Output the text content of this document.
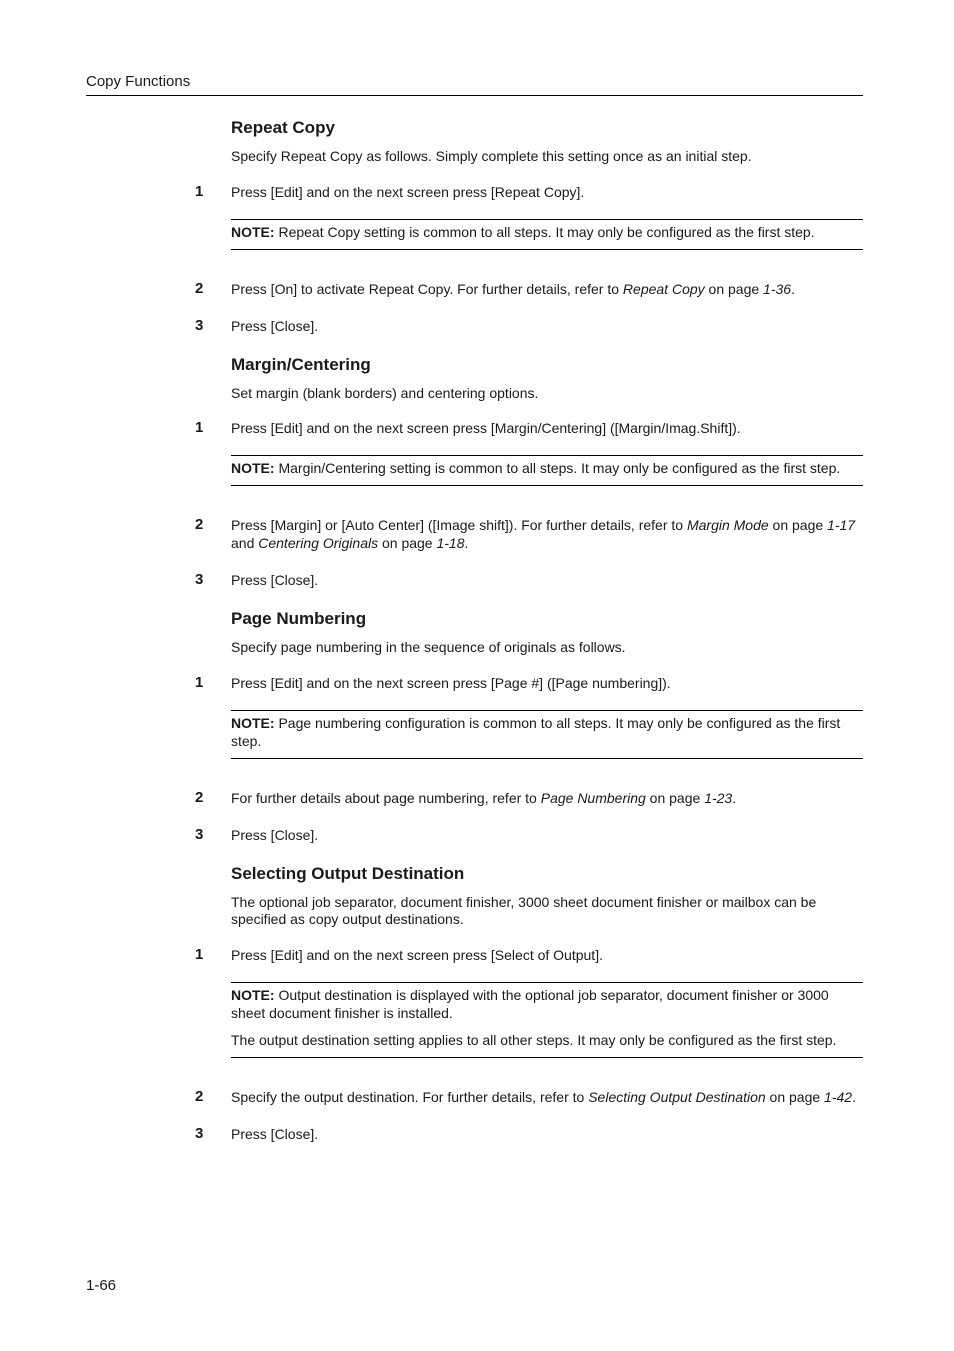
Copy Functions
Repeat Copy

Specify Repeat Copy as follows. Simply complete this setting once as an initial step.

1 Press [Edit] and on the next screen press [Repeat Copy].

NOTE: Repeat Copy setting is common to all steps. It may only be configured as the first step.

2 Press [On] to activate Repeat Copy. For further details, refer to Repeat Copy on page 1-36.
3 Press [Close].
Margin/Centering

Set margin (blank borders) and centering options.

1 Press [Edit] and on the next screen press [Margin/Centering] ([Margin/Imag.Shift]).

NOTE: Margin/Centering setting is common to all steps. It may only be configured as the first step.

2 Press [Margin] or [Auto Center] ([Image shift]). For further details, refer to Margin Mode on page 1-17 and Centering Originals on page 1-18.
3 Press [Close].
Page Numbering

Specify page numbering in the sequence of originals as follows.

1 Press [Edit] and on the next screen press [Page #] ([Page numbering]).

NOTE: Page numbering configuration is common to all steps. It may only be configured as the first step.

2 For further details about page numbering, refer to Page Numbering on page 1-23.
3 Press [Close].
Selecting Output Destination

The optional job separator, document finisher, 3000 sheet document finisher or mailbox can be specified as copy output destinations.

1 Press [Edit] and on the next screen press [Select of Output].

NOTE: Output destination is displayed with the optional job separator, document finisher or 3000 sheet document finisher is installed.

The output destination setting applies to all other steps. It may only be configured as the first step.

2 Specify the output destination. For further details, refer to Selecting Output Destination on page 1-42.
3 Press [Close].
1-66
